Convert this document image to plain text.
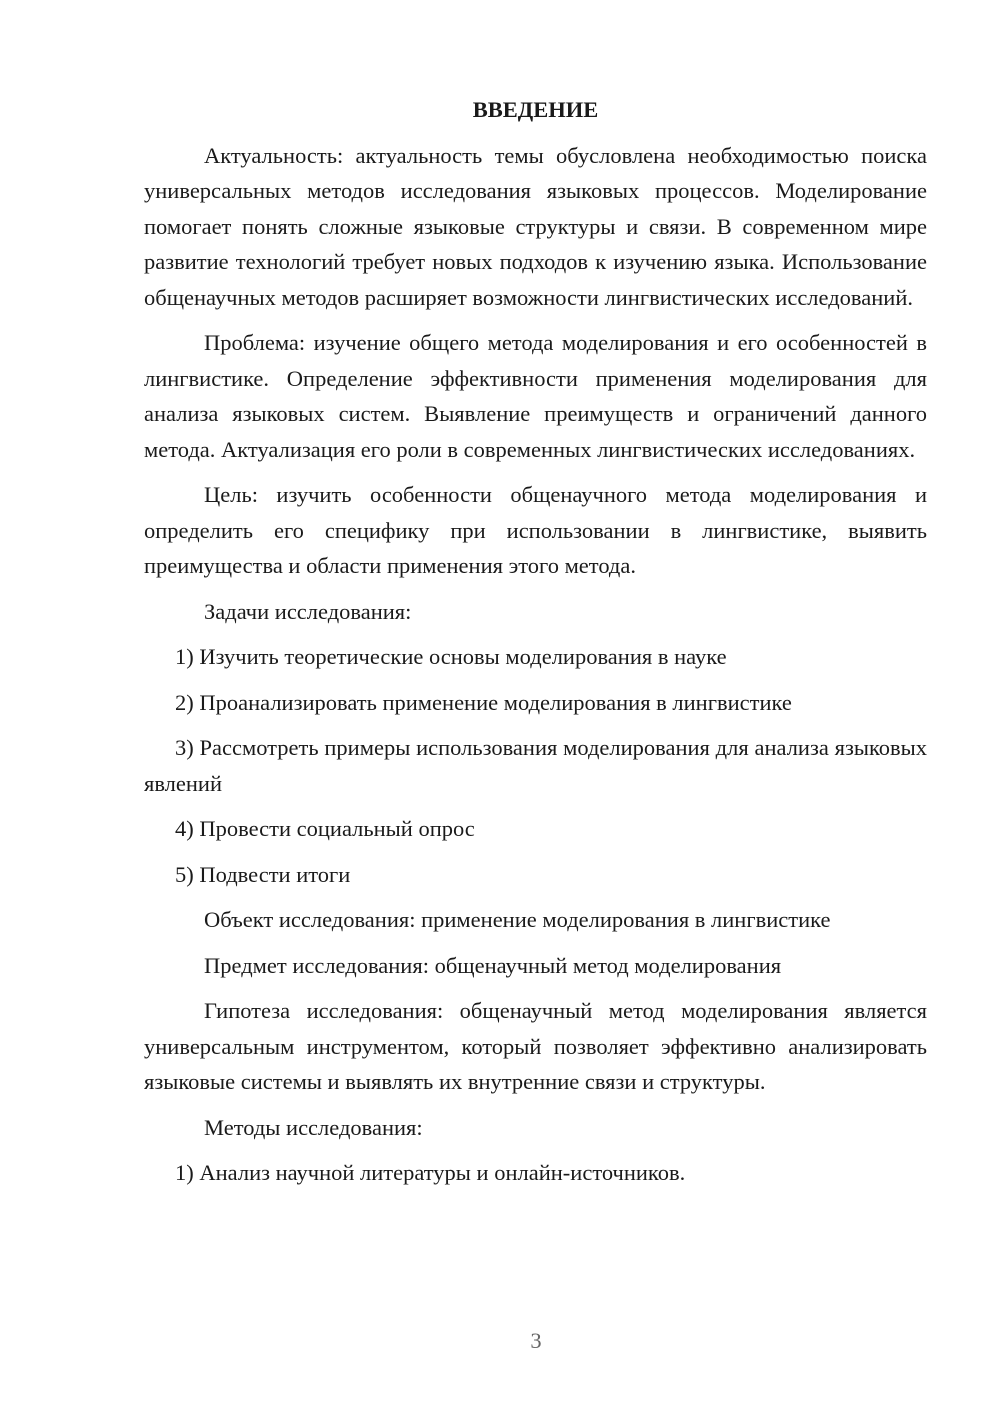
ВВЕДЕНИЕ

Актуальность: актуальность темы обусловлена необходимостью поиска универсальных методов исследования языковых процессов. Моделирование помогает понять сложные языковые структуры и связи. В современном мире развитие технологий требует новых подходов к изучению языка. Использование общенаучных методов расширяет возможности лингвистических исследований.

Проблема: изучение общего метода моделирования и его особенностей в лингвистике. Определение эффективности применения моделирования для анализа языковых систем. Выявление преимуществ и ограничений данного метода. Актуализация его роли в современных лингвистических исследованиях.

Цель: изучить особенности общенаучного метода моделирования и определить его специфику при использовании в лингвистике, выявить преимущества и области применения этого метода.

Задачи исследования:

1) Изучить теоретические основы моделирования в науке

2) Проанализировать применение моделирования в лингвистике

3) Рассмотреть примеры использования моделирования для анализа языковых явлений

4) Провести социальный опрос

5) Подвести итоги

Объект исследования: применение моделирования в лингвистике

Предмет исследования: общенаучный метод моделирования

Гипотеза исследования: общенаучный метод моделирования является универсальным инструментом, который позволяет эффективно анализировать языковые системы и выявлять их внутренние связи и структуры.

Методы исследования:

1) Анализ научной литературы и онлайн-источников.

3
